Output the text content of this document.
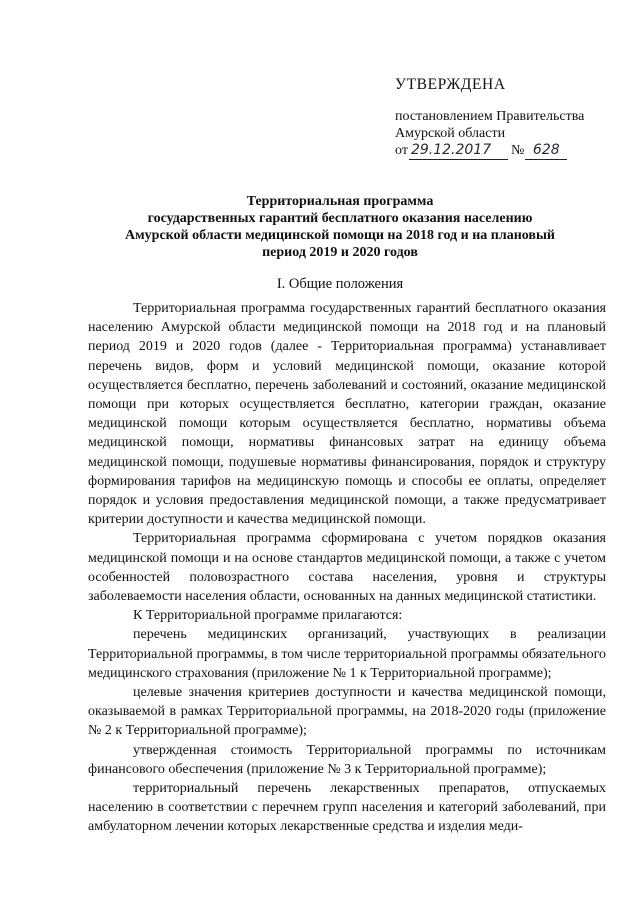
УТВЕРЖДЕНА
постановлением Правительства
Амурской области
от 29.12.2017	№ 628
Территориальная программа
государственных гарантий бесплатного оказания населению
Амурской области медицинской помощи на 2018 год и на плановый
период 2019 и 2020 годов
I. Общие положения

Территориальная программа государственных гарантий бесплатного оказания населению Амурской области медицинской помощи на 2018 год и на плановый период 2019 и 2020 годов (далее - Территориальная программа) устанавливает перечень видов, форм и условий медицинской помощи, оказание которой осуществляется бесплатно, перечень заболеваний и состояний, оказание медицинской помощи при которых осуществляется бесплатно, категории граждан, оказание медицинской помощи которым осуществляется бесплатно, нормативы объема медицинской помощи, нормативы финансовых затрат на единицу объема медицинской помощи, подушевые нормативы финансирования, порядок и структуру формирования тарифов на медицинскую помощь и способы ее оплаты, определяет порядок и условия предоставления медицинской помощи, а также предусматривает критерии доступности и качества медицинской помощи.

Территориальная программа сформирована с учетом порядков оказания медицинской помощи и на основе стандартов медицинской помощи, а также с учетом особенностей половозрастного состава населения, уровня и структуры заболеваемости населения области, основанных на данных медицинской статистики.

К Территориальной программе прилагаются:

перечень медицинских организаций, участвующих в реализации Территориальной программы, в том числе территориальной программы обязательного медицинского страхования (приложение № 1 к Территориальной программе);

целевые значения критериев доступности и качества медицинской помощи, оказываемой в рамках Территориальной программы, на 2018-2020 годы (приложение № 2 к Территориальной программе);

утвержденная стоимость Территориальной программы по источникам финансового обеспечения (приложение № 3 к Территориальной программе);

территориальный перечень лекарственных препаратов, отпускаемых населению в соответствии с перечнем групп населения и категорий заболеваний, при амбулаторном лечении которых лекарственные средства и изделия меди-
